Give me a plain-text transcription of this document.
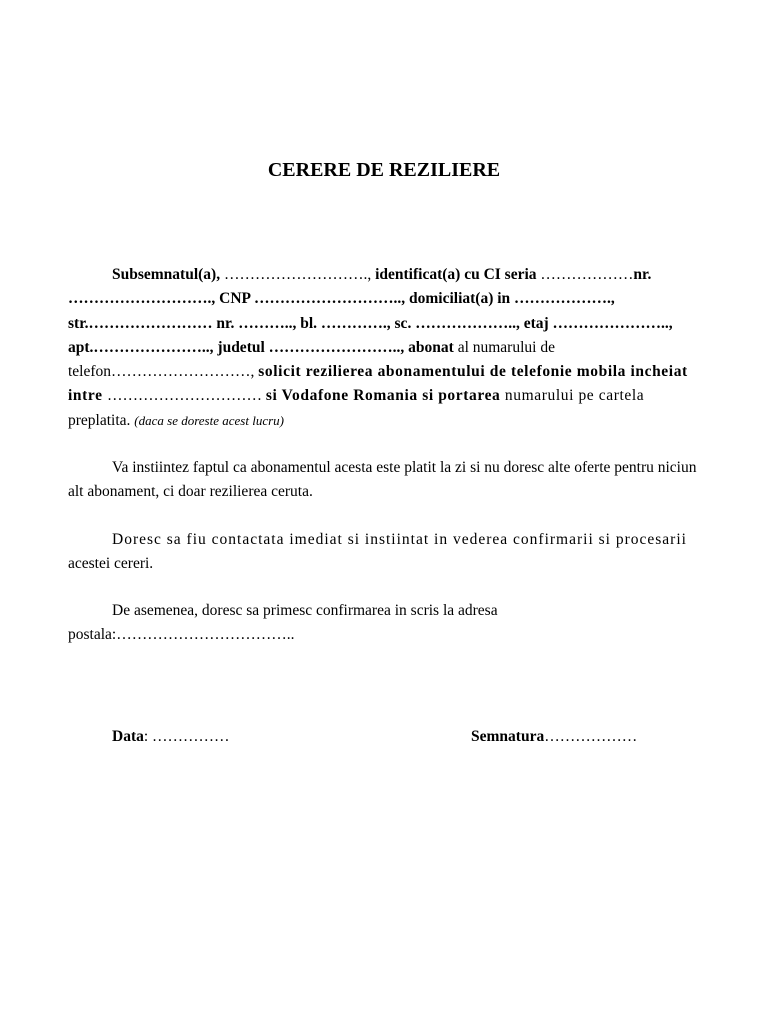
CERERE DE REZILIERE
Subsemnatul(a), ………………………., identificat(a) cu CI seria ………………nr. ………………………., CNP ……………………….., domiciliat(a) in ………………., str.…………………… nr. ……….., bl. …………., sc. ……………….., etaj ………………….., apt.………………….., judetul …………………….., abonat al numarului de telefon………………………, solicit rezilierea abonamentului de telefonie mobila incheiat intre ………………………… si Vodafone Romania si portarea numarului pe cartela preplatita. (daca se doreste acest lucru)
Va instiintez faptul ca abonamentul acesta este platit la zi si nu doresc alte oferte pentru niciun alt abonament, ci doar rezilierea ceruta.
Doresc sa fiu contactata imediat si instiintat in vederea confirmarii si procesarii acestei cereri.
De asemenea, doresc sa primesc confirmarea in scris la adresa postala:……………………………..
Data: ……………	Semnatura………………
